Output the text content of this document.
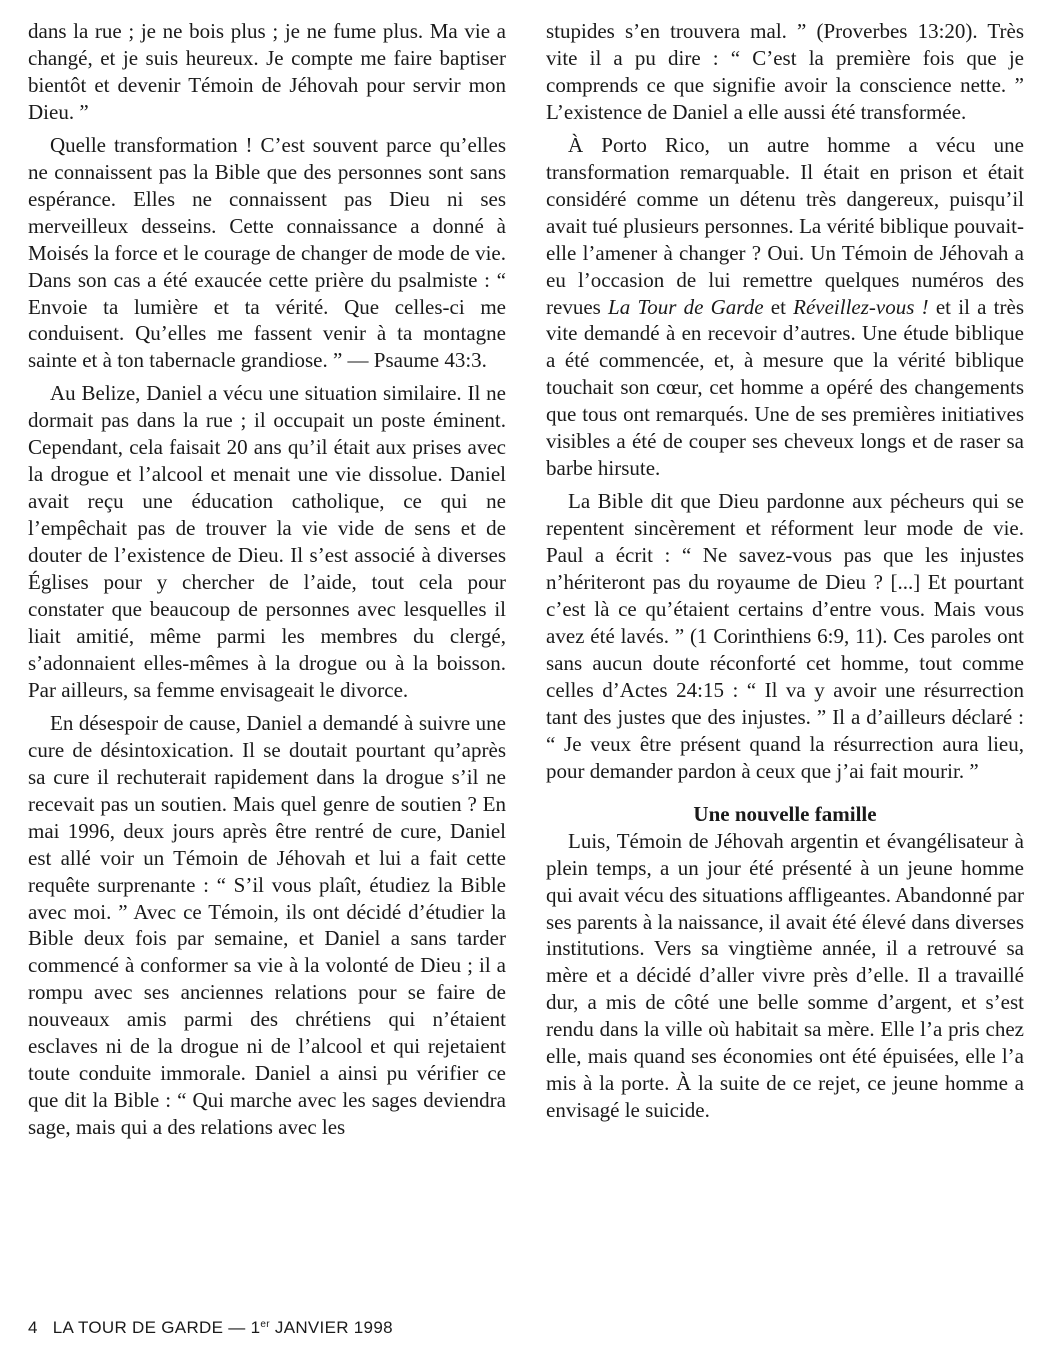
dans la rue ; je ne bois plus ; je ne fume plus. Ma vie a changé, et je suis heureux. Je compte me faire baptiser bientôt et devenir Témoin de Jéhovah pour servir mon Dieu. ”

Quelle transformation ! C’est souvent parce qu’elles ne connaissent pas la Bible que des personnes sont sans espérance. Elles ne connaissent pas Dieu ni ses merveilleux desseins. Cette connaissance a donné à Moisés la force et le courage de changer de mode de vie. Dans son cas a été exaucée cette prière du psalmiste : “ Envoie ta lumière et ta vérité. Que celles-ci me conduisent. Qu’elles me fassent venir à ta montagne sainte et à ton tabernacle grandiose. ” — Psaume 43:3.

Au Belize, Daniel a vécu une situation similaire. Il ne dormait pas dans la rue ; il occupait un poste éminent. Cependant, cela faisait 20 ans qu’il était aux prises avec la drogue et l’alcool et menait une vie dissolue. Daniel avait reçu une éducation catholique, ce qui ne l’empêchait pas de trouver la vie vide de sens et de douter de l’existence de Dieu. Il s’est associé à diverses Églises pour y chercher de l’aide, tout cela pour constater que beaucoup de personnes avec lesquelles il liait amitié, même parmi les membres du clergé, s’adonnaient elles-mêmes à la drogue ou à la boisson. Par ailleurs, sa femme envisageait le divorce.

En désespoir de cause, Daniel a demandé à suivre une cure de désintoxication. Il se doutait pourtant qu’après sa cure il rechuterait rapidement dans la drogue s’il ne recevait pas un soutien. Mais quel genre de soutien ? En mai 1996, deux jours après être rentré de cure, Daniel est allé voir un Témoin de Jéhovah et lui a fait cette requête surprenante : “ S’il vous plaît, étudiez la Bible avec moi. ” Avec ce Témoin, ils ont décidé d’étudier la Bible deux fois par semaine, et Daniel a sans tarder commencé à conformer sa vie à la volonté de Dieu ; il a rompu avec ses anciennes relations pour se faire de nouveaux amis parmi des chrétiens qui n’étaient esclaves ni de la drogue ni de l’alcool et qui rejetaient toute conduite immorale. Daniel a ainsi pu vérifier ce que dit la Bible : “ Qui marche avec les sages deviendra sage, mais qui a des relations avec les

stupides s’en trouvera mal. ” (Proverbes 13:20). Très vite il a pu dire : “ C’est la première fois que je comprends ce que signifie avoir la conscience nette. ” L’existence de Daniel a elle aussi été transformée.

À Porto Rico, un autre homme a vécu une transformation remarquable. Il était en prison et était considéré comme un détenu très dangereux, puisqu’il avait tué plusieurs personnes. La vérité biblique pouvait-elle l’amener à changer ? Oui. Un Témoin de Jéhovah a eu l’occasion de lui remettre quelques numéros des revues La Tour de Garde et Réveillez-vous ! et il a très vite demandé à en recevoir d’autres. Une étude biblique a été commencée, et, à mesure que la vérité biblique touchait son cœur, cet homme a opéré des changements que tous ont remarqués. Une de ses premières initiatives visibles a été de couper ses cheveux longs et de raser sa barbe hirsute.

La Bible dit que Dieu pardonne aux pécheurs qui se repentent sincèrement et réforment leur mode de vie. Paul a écrit : “ Ne savez-vous pas que les injustes n’hériteront pas du royaume de Dieu ? [...] Et pourtant c’est là ce qu’étaient certains d’entre vous. Mais vous avez été lavés. ” (1 Corinthiens 6:9, 11). Ces paroles ont sans aucun doute réconforté cet homme, tout comme celles d’Actes 24:15 : “ Il va y avoir une résurrection tant des justes que des injustes. ” Il a d’ailleurs déclaré : “ Je veux être présent quand la résurrection aura lieu, pour demander pardon à ceux que j’ai fait mourir. ”

Une nouvelle famille

Luis, Témoin de Jéhovah argentin et évangélisateur à plein temps, a un jour été présenté à un jeune homme qui avait vécu des situations affligeantes. Abandonné par ses parents à la naissance, il avait été élevé dans diverses institutions. Vers sa vingtième année, il a retrouvé sa mère et a décidé d’aller vivre près d’elle. Il a travaillé dur, a mis de côté une belle somme d’argent, et s’est rendu dans la ville où habitait sa mère. Elle l’a pris chez elle, mais quand ses économies ont été épuisées, elle l’a mis à la porte. À la suite de ce rejet, ce jeune homme a envisagé le suicide.

4 LA TOUR DE GARDE — 1er JANVIER 1998
